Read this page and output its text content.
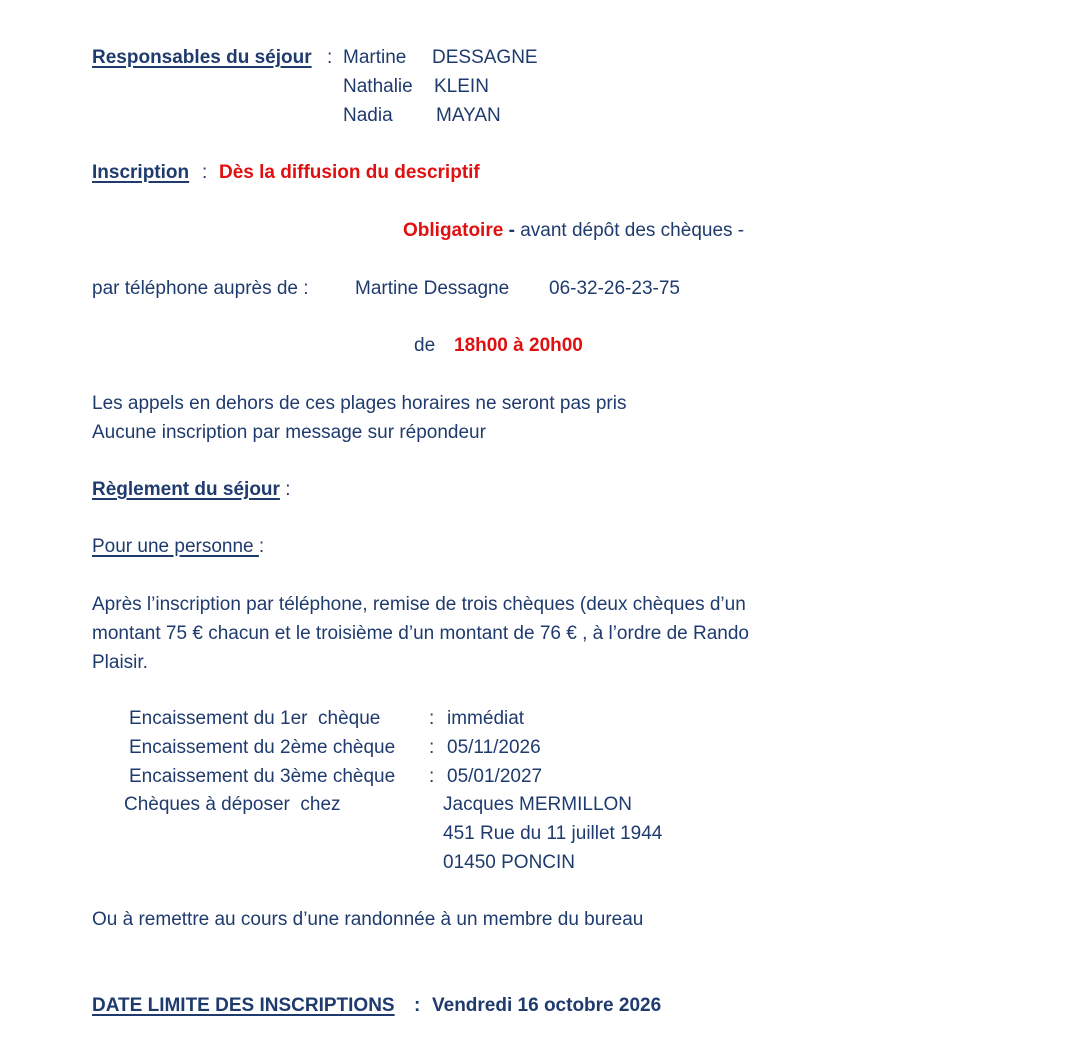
Responsables du séjour : Martine DESSAGNE
Nathalie KLEIN
Nadia MAYAN
Inscription : Dès la diffusion du descriptif
Obligatoire - avant dépôt des chèques -
par téléphone auprès de : Martine Dessagne 06-32-26-23-75
de 18h00 à 20h00
Les appels en dehors de ces plages horaires ne seront pas pris
Aucune inscription par message sur répondeur
Règlement du séjour :
Pour une personne :
Après l’inscription par téléphone, remise de trois chèques (deux chèques d’un
montant 75 € chacun et le troisième d’un montant de 76 € , à l’ordre de Rando
Plaisir.
Encaissement du 1er  chèque	: immédiat
Encaissement du 2ème chèque : 05/11/2026
Encaissement du 3ème chèque : 05/01/2027
Chèques à déposer  chez	Jacques MERMILLON
451 Rue du 11 juillet 1944
01450 PONCIN
Ou à remettre au cours d’une randonnée à un membre du bureau
DATE LIMITE DES INSCRIPTIONS : Vendredi 16 octobre 2026
